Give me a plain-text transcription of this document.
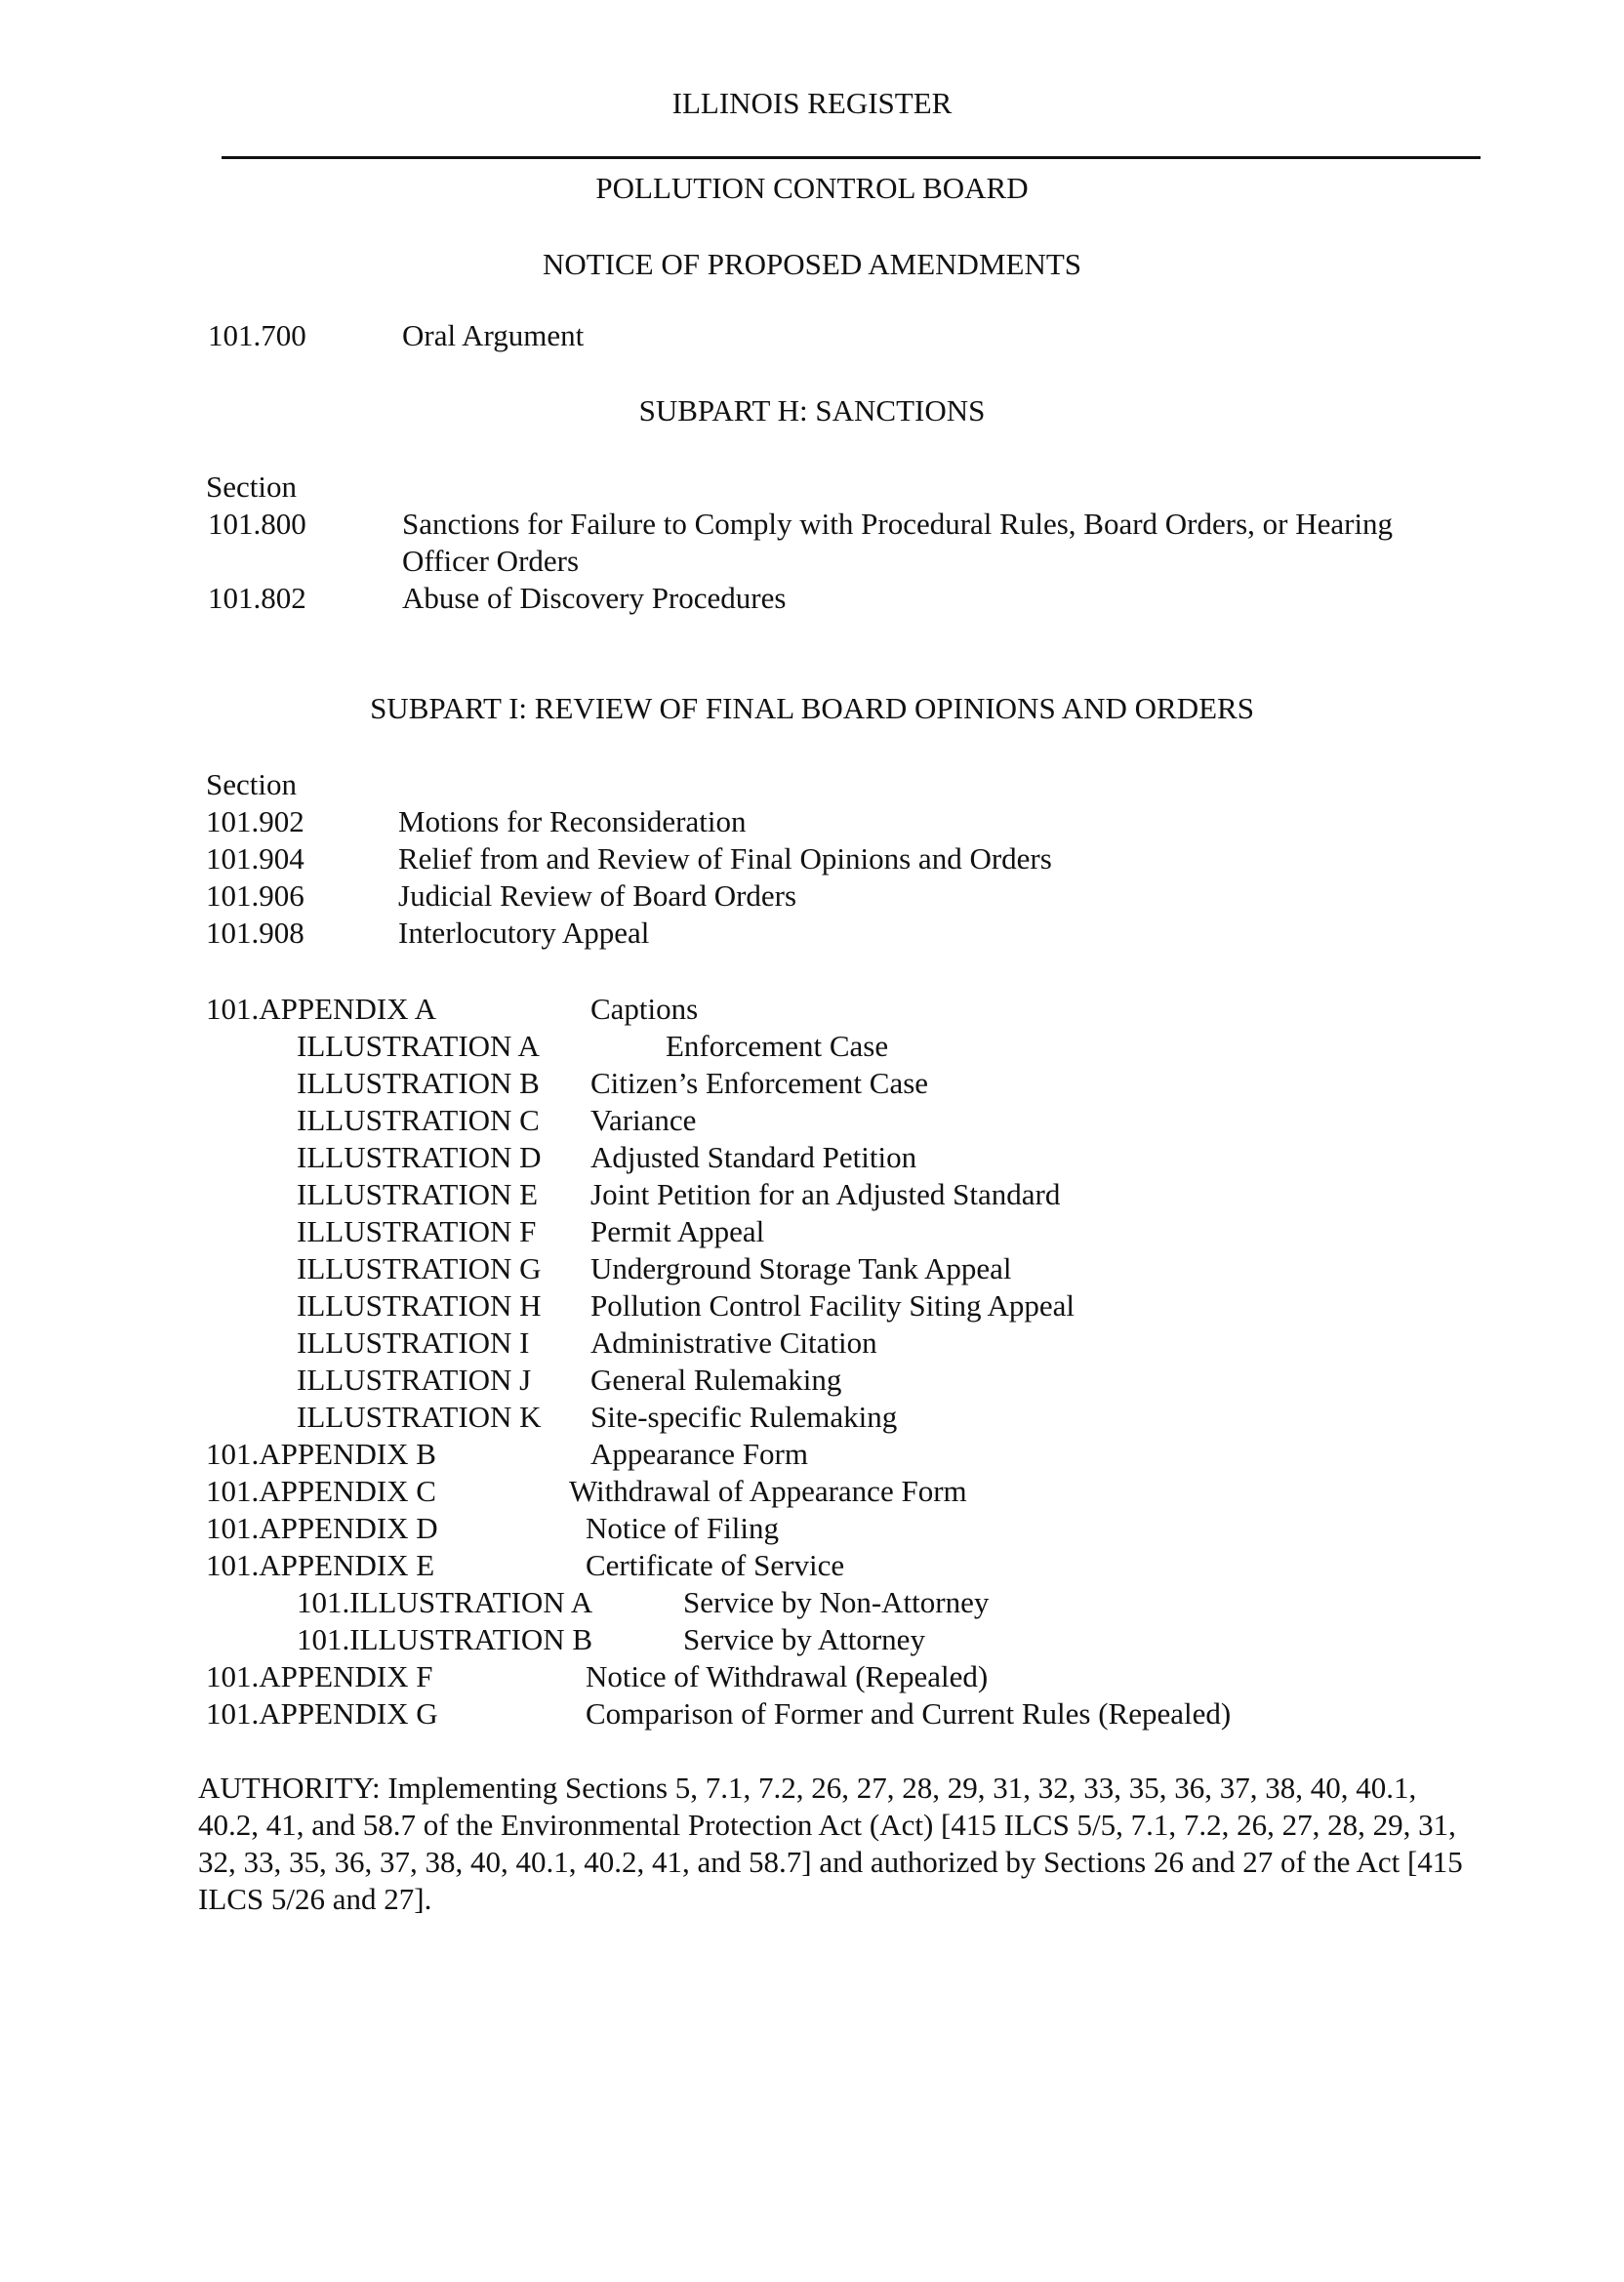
ILLINOIS REGISTER
POLLUTION CONTROL BOARD
NOTICE OF PROPOSED AMENDMENTS
101.700	Oral Argument
SUBPART H: SANCTIONS
Section
101.800	Sanctions for Failure to Comply with Procedural Rules, Board Orders, or Hearing
Officer Orders
101.802	Abuse of Discovery Procedures
SUBPART I: REVIEW OF FINAL BOARD OPINIONS AND ORDERS
Section
101.902	Motions for Reconsideration
101.904	Relief from and Review of Final Opinions and Orders
101.906	Judicial Review of Board Orders
101.908	Interlocutory Appeal
101.APPENDIX A	Captions
ILLUSTRATION A	Enforcement Case
ILLUSTRATION B Citizen’s Enforcement Case
ILLUSTRATION C Variance
ILLUSTRATION D Adjusted Standard Petition
ILLUSTRATION E Joint Petition for an Adjusted Standard
ILLUSTRATION F Permit Appeal
ILLUSTRATION G Underground Storage Tank Appeal
ILLUSTRATION H Pollution Control Facility Siting Appeal
ILLUSTRATION I Administrative Citation
ILLUSTRATION J General Rulemaking
ILLUSTRATION K Site-specific Rulemaking
101.APPENDIX B	Appearance Form
101.APPENDIX C	Withdrawal of Appearance Form
101.APPENDIX D	Notice of Filing
101.APPENDIX E	Certificate of Service
101.ILLUSTRATION A	Service by Non-Attorney
101.ILLUSTRATION B	Service by Attorney
101.APPENDIX F	Notice of Withdrawal (Repealed)
101.APPENDIX G	Comparison of Former and Current Rules (Repealed)
AUTHORITY: Implementing Sections 5, 7.1, 7.2, 26, 27, 28, 29, 31, 32, 33, 35, 36, 37, 38, 40, 40.1, 40.2, 41, and 58.7 of the Environmental Protection Act (Act) [415 ILCS 5/5, 7.1, 7.2, 26, 27, 28, 29, 31, 32, 33, 35, 36, 37, 38, 40, 40.1, 40.2, 41, and 58.7] and authorized by Sections 26 and 27 of the Act [415 ILCS 5/26 and 27].
